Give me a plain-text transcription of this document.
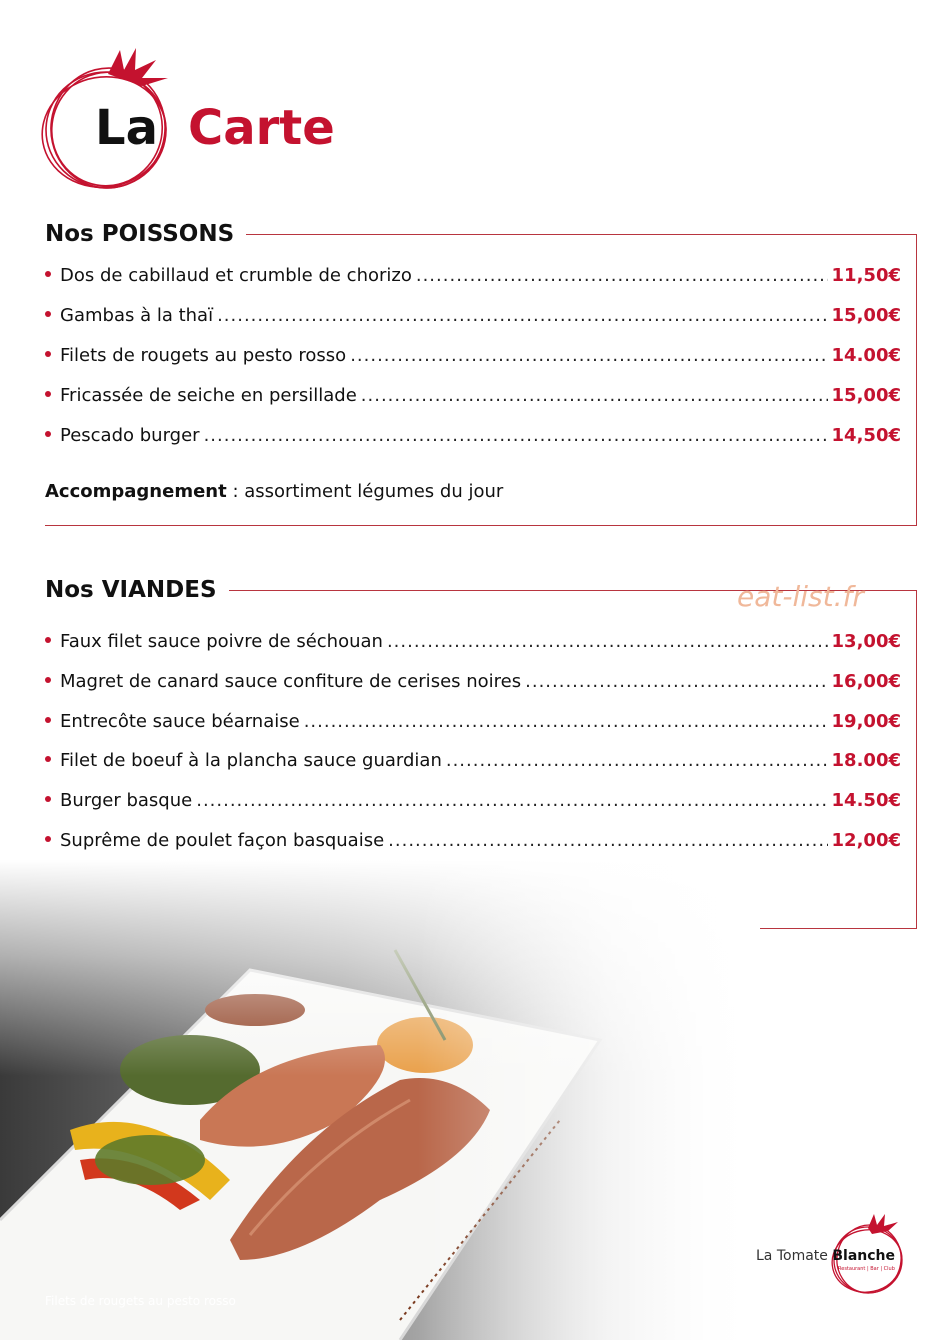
La Carte
Nos POISSONS
Dos de cabillaud et crumble de chorizo .....	11,50€
Gambas à la thaï .....	15,00€
Filets de rougets au pesto rosso .....	14.00€
Fricassée de seiche en persillade .....	15,00€
Pescado burger .....	14,50€
Accompagnement : assortiment légumes du jour
Nos VIANDES
Faux filet sauce poivre de séchouan .....	13,00€
Magret de canard sauce confiture de cerises noires .....	16,00€
Entrecôte sauce béarnaise .....	19,00€
Filet de boeuf à la plancha sauce guardian .....	18.00€
Burger basque .....	14.50€
Suprême de poulet façon basquaise .....	12,00€
eat-list.fr
Filets de rougets au pesto rosso
La Tomate Blanche
Restaurant | Bar | Club
